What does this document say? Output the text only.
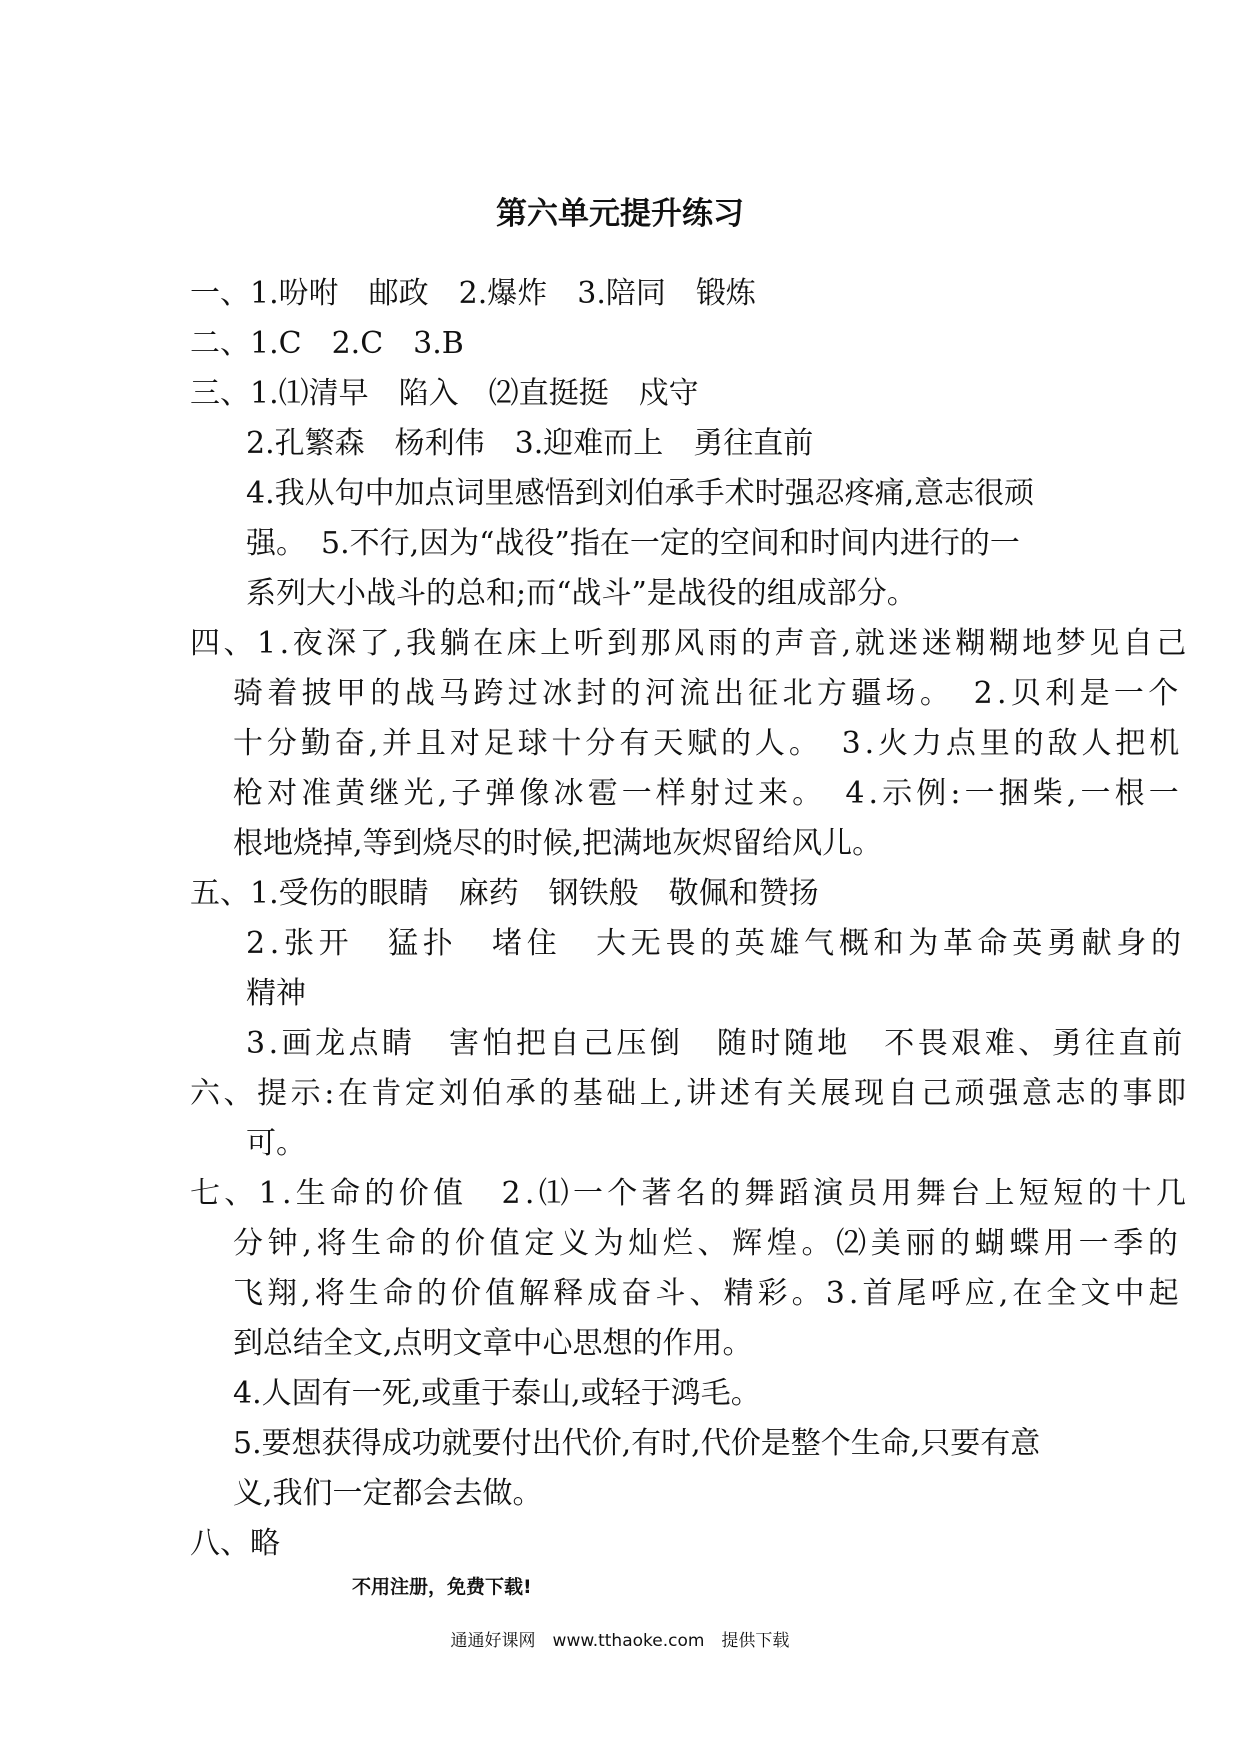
第六单元提升练习
一、1.吩咐　邮政　2.爆炸　3.陪同　锻炼
二、1.C　2.C　3.B
三、1.⑴清早　陷入　⑵直挺挺　戍守
2.孔繁森　杨利伟　3.迎难而上　勇往直前
4.我从句中加点词里感悟到刘伯承手术时强忍疼痛,意志很顽
强。　5.不行,因为“战役”指在一定的空间和时间内进行的一
系列大小战斗的总和;而“战斗”是战役的组成部分。
四、1.夜深了,我躺在床上听到那风雨的声音,就迷迷糊糊地梦见自己
骑着披甲的战马跨过冰封的河流出征北方疆场。　2.贝利是一个
十分勤奋,并且对足球十分有天赋的人。　3.火力点里的敌人把机
枪对准黄继光,子弹像冰雹一样射过来。　4.示例:一捆柴,一根一
根地烧掉,等到烧尽的时候,把满地灰烬留给风儿。
五、1.受伤的眼睛　麻药　钢铁般　敬佩和赞扬
2.张开　猛扑　堵住　大无畏的英雄气概和为革命英勇献身的
精神
3.画龙点睛　害怕把自己压倒　随时随地　不畏艰难、勇往直前
六、提示:在肯定刘伯承的基础上,讲述有关展现自己顽强意志的事即
可。
七、1.生命的价值　2.⑴一个著名的舞蹈演员用舞台上短短的十几
分钟,将生命的价值定义为灿烂、辉煌。⑵美丽的蝴蝶用一季的
飞翔,将生命的价值解释成奋斗、精彩。3.首尾呼应,在全文中起
到总结全文,点明文章中心思想的作用。
4.人固有一死,或重于泰山,或轻于鸿毛。
5.要想获得成功就要付出代价,有时,代价是整个生命,只要有意
义,我们一定都会去做。
八、略
不用注册，免费下载!
通通好课网　www.tthaoke.com　提供下载
